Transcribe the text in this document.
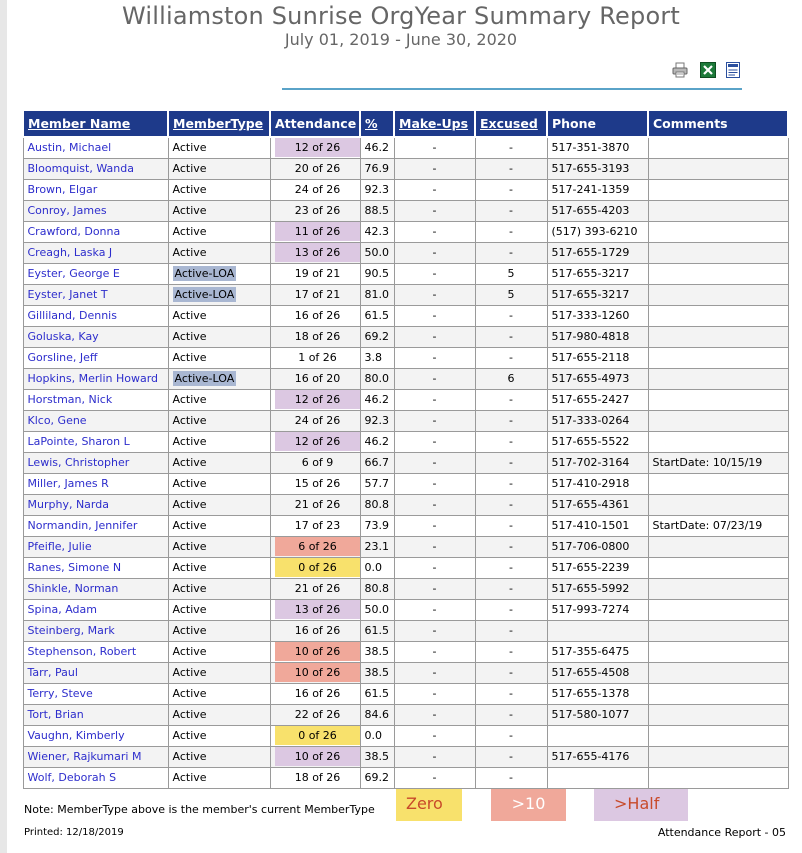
Williamston Sunrise OrgYear Summary Report
July 01, 2019 - June 30, 2020
Member Name	MemberType	Attendance	%	Make-Ups	Excused	Phone	Comments
Austin, Michael	Active	12 of 26	46.2	-	-	517-351-3870	
Bloomquist, Wanda	Active	20 of 26	76.9	-	-	517-655-3193	
Brown, Elgar	Active	24 of 26	92.3	-	-	517-241-1359	
Conroy, James	Active	23 of 26	88.5	-	-	517-655-4203	
Crawford, Donna	Active	11 of 26	42.3	-	-	(517) 393-6210	
Creagh, Laska J	Active	13 of 26	50.0	-	-	517-655-1729	
Eyster, George E	Active-LOA	19 of 21	90.5	-	5	517-655-3217	
Eyster, Janet T	Active-LOA	17 of 21	81.0	-	5	517-655-3217	
Gilliland, Dennis	Active	16 of 26	61.5	-	-	517-333-1260	
Goluska, Kay	Active	18 of 26	69.2	-	-	517-980-4818	
Gorsline, Jeff	Active	1 of 26	3.8	-	-	517-655-2118	
Hopkins, Merlin Howard	Active-LOA	16 of 20	80.0	-	6	517-655-4973	
Horstman, Nick	Active	12 of 26	46.2	-	-	517-655-2427	
Klco, Gene	Active	24 of 26	92.3	-	-	517-333-0264	
LaPointe, Sharon L	Active	12 of 26	46.2	-	-	517-655-5522	
Lewis, Christopher	Active	6 of 9	66.7	-	-	517-702-3164	StartDate: 10/15/19
Miller, James R	Active	15 of 26	57.7	-	-	517-410-2918	
Murphy, Narda	Active	21 of 26	80.8	-	-	517-655-4361	
Normandin, Jennifer	Active	17 of 23	73.9	-	-	517-410-1501	StartDate: 07/23/19
Pfeifle, Julie	Active	6 of 26	23.1	-	-	517-706-0800	
Ranes, Simone N	Active	0 of 26	0.0	-	-	517-655-2239	
Shinkle, Norman	Active	21 of 26	80.8	-	-	517-655-5992	
Spina, Adam	Active	13 of 26	50.0	-	-	517-993-7274	
Steinberg, Mark	Active	16 of 26	61.5	-	-		
Stephenson, Robert	Active	10 of 26	38.5	-	-	517-355-6475	
Tarr, Paul	Active	10 of 26	38.5	-	-	517-655-4508	
Terry, Steve	Active	16 of 26	61.5	-	-	517-655-1378	
Tort, Brian	Active	22 of 26	84.6	-	-	517-580-1077	
Vaughn, Kimberly	Active	0 of 26	0.0	-	-		
Wiener, Rajkumari M	Active	10 of 26	38.5	-	-	517-655-4176	
Wolf, Deborah S	Active	18 of 26	69.2	-	-		
Note: MemberType above is the member's current MemberType	Zero	>10	>Half
Printed: 12/18/2019	Attendance Report - 05
